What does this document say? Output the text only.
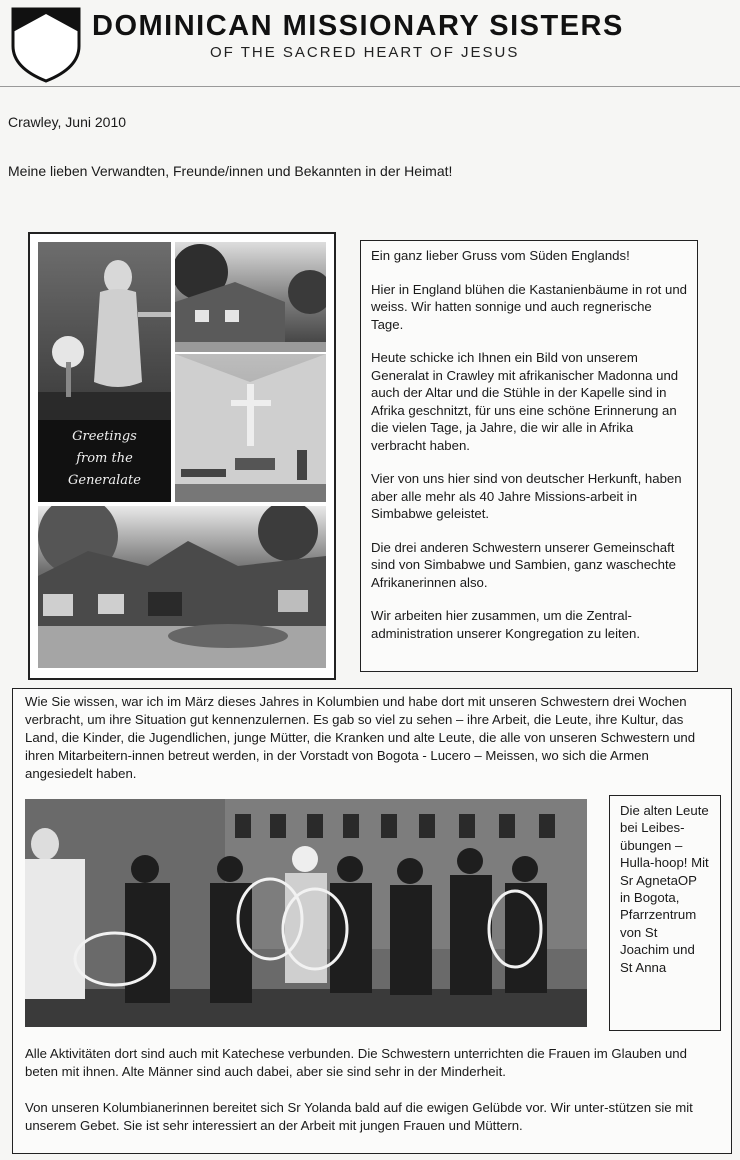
DOMINICAN MISSIONARY SISTERS
OF THE SACRED HEART OF JESUS
Crawley, Juni 2010
Meine lieben Verwandten, Freunde/innen und Bekannten in der Heimat!
Greetings
from the
Generalate

Ein ganz lieber Gruss vom Süden Englands!

Hier in England blühen die Kastanienbäume in rot und weiss. Wir hatten sonnige und auch regnerische Tage.

Heute schicke ich Ihnen ein Bild von unserem Generalat in Crawley mit afrikanischer Madonna und auch der Altar und die Stühle in der Kapelle sind in Afrika geschnitzt, für uns eine schöne Erinnerung an die vielen Tage, ja Jahre, die wir alle in Afrika verbracht haben.

Vier von uns hier sind von deutscher Herkunft, haben aber alle mehr als 40 Jahre Missions-arbeit in Simbabwe geleistet.

Die drei anderen Schwestern unserer Gemeinschaft sind von Simbabwe und Sambien, ganz waschechte Afrikanerinnen also.

Wir arbeiten hier zusammen, um die Zentral-administration unserer Kongregation zu leiten.

Wie Sie wissen, war ich im März dieses Jahres in Kolumbien und habe dort mit unseren Schwestern drei Wochen verbracht, um ihre Situation gut kennenzulernen. Es gab so viel zu sehen – ihre Arbeit, die Leute, ihre Kultur, das Land, die Kinder, die Jugendlichen, junge Mütter, die Kranken und alte Leute, die alle von unseren Schwestern und ihren Mitarbeitern-innen betreut werden, in der Vorstadt von Bogota - Lucero – Meissen, wo sich die Armen angesiedelt haben.

Die alten Leute bei Leibes-übungen – Hulla-hoop! Mit Sr AgnetaOP in Bogota, Pfarrzentrum von St Joachim und St Anna

Alle Aktivitäten dort sind auch mit Katechese verbunden. Die Schwestern unterrichten die Frauen im Glauben und beten mit ihnen. Alte Männer sind auch dabei, aber sie sind sehr in der Minderheit.

Von unseren Kolumbianerinnen bereitet sich Sr Yolanda bald auf die ewigen Gelübde vor. Wir unter-stützen sie mit unserem Gebet. Sie ist sehr interessiert an der Arbeit mit jungen Frauen und Müttern.
